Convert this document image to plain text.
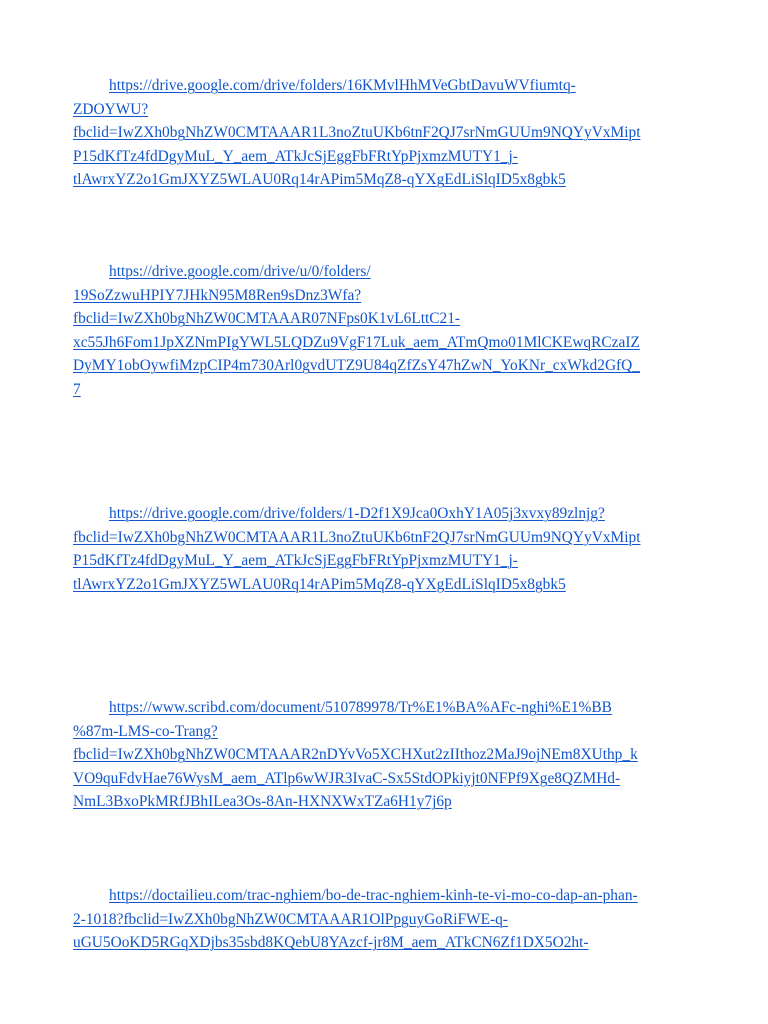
https://drive.google.com/drive/folders/16KMvlHhMVeGbtDavuWVfiumtq-
ZDOYWU?
fbclid=IwZXh0bgNhZW0CMTAAAR1L3noZtuUKb6tnF2QJ7srNmGUUm9NQYyVxMipt
P15dKfTz4fdDgyMuL_Y_aem_ATkJcSjEggFbFRtYpPjxmzMUTY1_j-
tlAwrxYZ2o1GmJXYZ5WLAU0Rq14rAPim5MqZ8-qYXgEdLiSlqID5x8gbk5

https://drive.google.com/drive/u/0/folders/
19SoZzwuHPIY7JHkN95M8Ren9sDnz3Wfa?
fbclid=IwZXh0bgNhZW0CMTAAAR07NFps0K1vL6LttC21-
xc55Jh6Fom1JpXZNmPIgYWL5LQDZu9VgF17Luk_aem_ATmQmo01MlCKEwqRCzaIZ
DyMY1obOywfiMzpCIP4m730Arl0gvdUTZ9U84qZfZsY47hZwN_YoKNr_cxWkd2GfQ_
7

https://drive.google.com/drive/folders/1-D2f1X9Jca0OxhY1A05j3xvxy89zlnjg?
fbclid=IwZXh0bgNhZW0CMTAAAR1L3noZtuUKb6tnF2QJ7srNmGUUm9NQYyVxMipt
P15dKfTz4fdDgyMuL_Y_aem_ATkJcSjEggFbFRtYpPjxmzMUTY1_j-
tlAwrxYZ2o1GmJXYZ5WLAU0Rq14rAPim5MqZ8-qYXgEdLiSlqID5x8gbk5

https://www.scribd.com/document/510789978/Tr%E1%BA%AFc-nghi%E1%BB
%87m-LMS-co-Trang?
fbclid=IwZXh0bgNhZW0CMTAAAR2nDYvVo5XCHXut2zIIthoz2MaJ9ojNEm8XUthp_k
VO9quFdvHae76WysM_aem_ATlp6wWJR3IvaC-Sx5StdOPkiyjt0NFPf9Xge8QZMHd-
NmL3BxoPkMRfJBhILea3Os-8An-HXNXWxTZa6H1y7j6p

https://doctailieu.com/trac-nghiem/bo-de-trac-nghiem-kinh-te-vi-mo-co-dap-an-phan-
2-1018?fbclid=IwZXh0bgNhZW0CMTAAAR1OlPpguyGoRiFWE-q-
uGU5OoKD5RGqXDjbs35sbd8KQebU8YAzcf-jr8M_aem_ATkCN6Zf1DX5O2ht-
